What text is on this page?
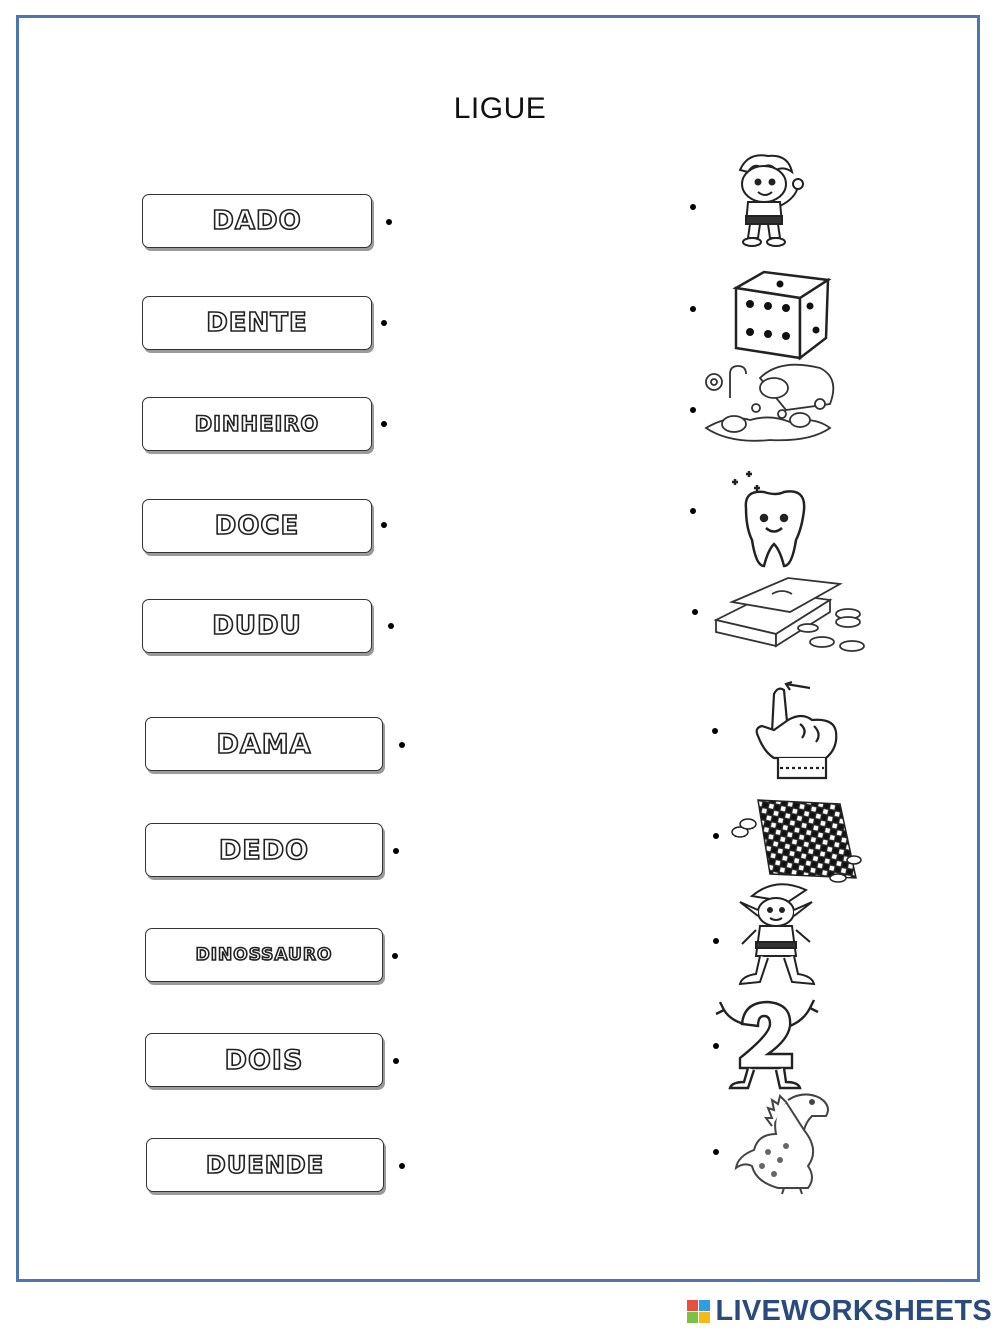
LIGUE
DADO
DENTE
DINHEIRO
DOCE
DUDU
DAMA
DEDO
DINOSSAURO
DOIS
DUENDE
LIVEWORKSHEETS
